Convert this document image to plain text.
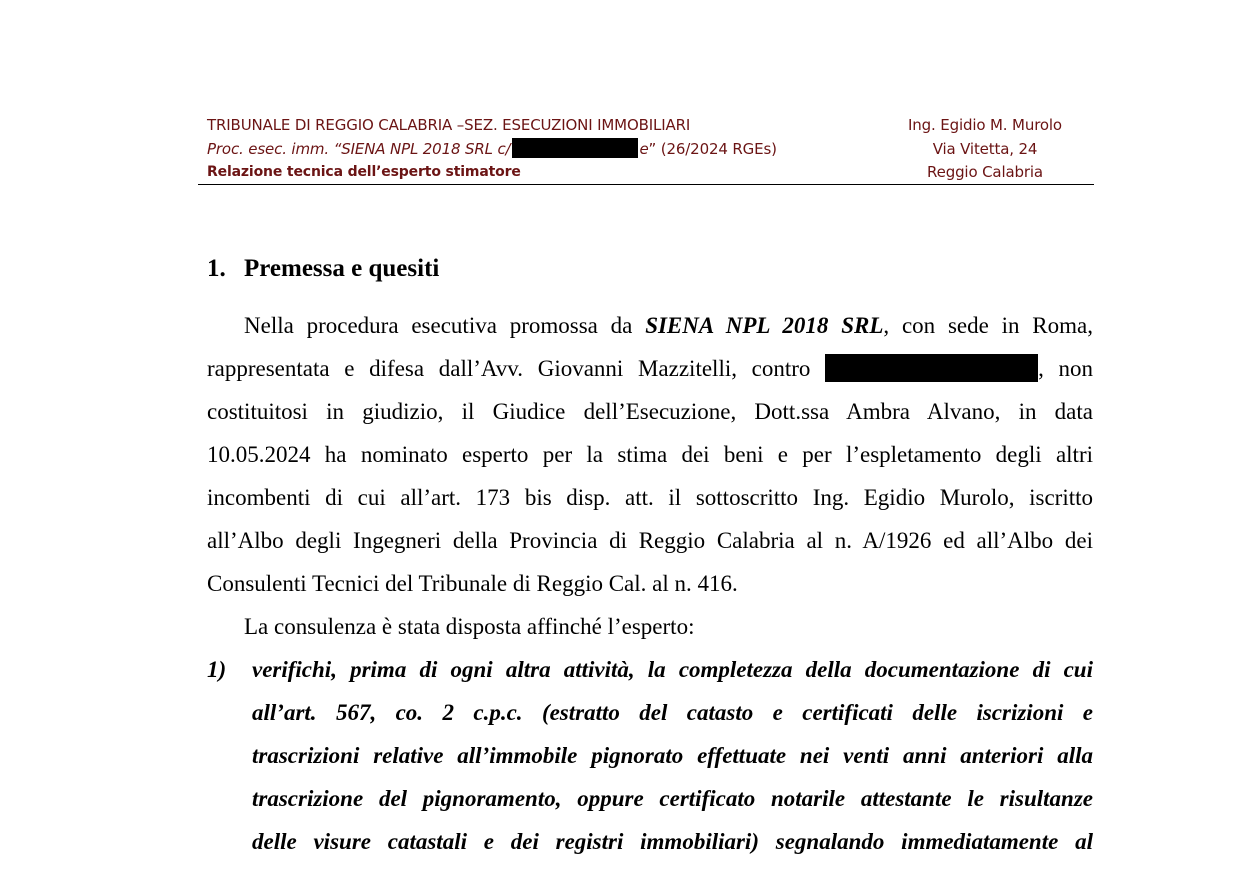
TRIBUNALE DI REGGIO CALABRIA –SEZ. ESECUZIONI IMMOBILIARI
Proc. esec. imm. “SIENA NPL 2018 SRL c/	e” (26/2024 RGEs)
Relazione tecnica dell’esperto stimatore
Ing. Egidio M. Murolo
Via Vitetta, 24
Reggio Calabria
1. Premessa e quesiti
Nella procedura esecutiva promossa da SIENA NPL 2018 SRL, con sede in Roma,
rappresentata e difesa dall’Avv. Giovanni Mazzitelli, contro	, non
costituitosi in giudizio, il Giudice dell’Esecuzione, Dott.ssa Ambra Alvano, in data
10.05.2024 ha nominato esperto per la stima dei beni e per l’espletamento degli altri
incombenti di cui all’art. 173 bis disp. att. il sottoscritto Ing. Egidio Murolo, iscritto
all’Albo degli Ingegneri della Provincia di Reggio Calabria al n. A/1926 ed all’Albo dei
Consulenti Tecnici del Tribunale di Reggio Cal. al n. 416.
La consulenza è stata disposta affinché l’esperto:
1) verifichi, prima di ogni altra attività, la completezza della documentazione di cui
all’art. 567, co. 2 c.p.c. (estratto del catasto e certificati delle iscrizioni e
trascrizioni relative all’immobile pignorato effettuate nei venti anni anteriori alla
trascrizione del pignoramento, oppure certificato notarile attestante le risultanze
delle visure catastali e dei registri immobiliari) segnalando immediatamente al
